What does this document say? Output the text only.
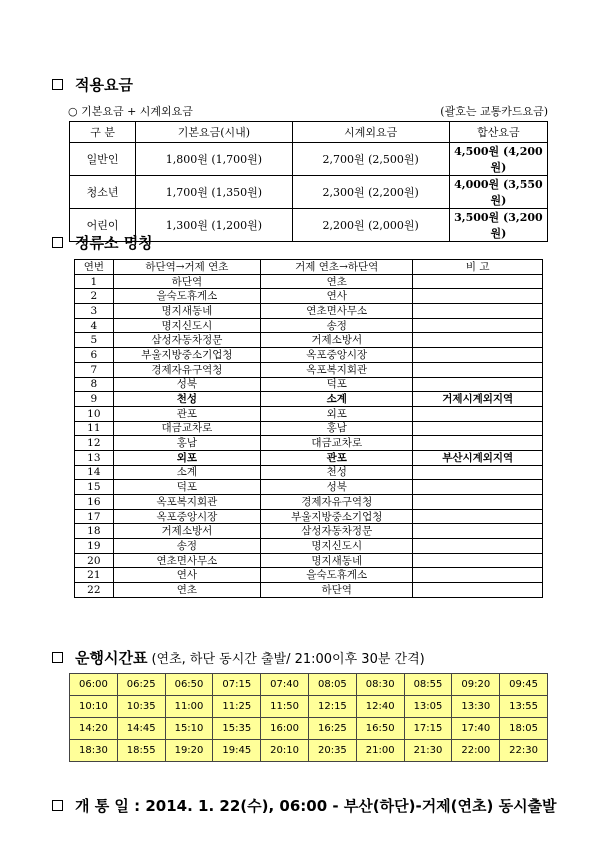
적용요금
○ 기본요금 + 시계외요금	(괄호는 교통카드요금)
구 분	기본요금(시내)	시계외요금	합산요금
일반인	1,800원 (1,700원)	2,700원 (2,500원)	4,500원 (4,200원)
청소년	1,700원 (1,350원)	2,300원 (2,200원)	4,000원 (3,550원)
어린이	1,300원 (1,200원)	2,200원 (2,000원)	3,500원 (3,200원)
정류소 명칭
연번	하단역→거제 연초	거제 연초→하단역	비 고
1	하단역	연초	
2	을숙도휴게소	연사	
3	명지새동네	연초면사무소	
4	명지신도시	송정	
5	삼성자동차정문	거제소방서	
6	부울지방중소기업청	옥포중앙시장	
7	경제자유구역청	옥포복지회관	
8	성북	덕포	
9	천성	소계	거제시계외지역
10	관포	외포	
11	대금교차로	홍남	
12	홍남	대금교차로	
13	외포	관포	부산시계외지역
14	소계	천성	
15	덕포	성북	
16	옥포복지회관	경제자유구역청	
17	옥포중앙시장	부울지방중소기업청	
18	거제소방서	삼성자동차정문	
19	송정	명지신도시	
20	연초면사무소	명지새동네	
21	연사	을숙도휴게소	
22	연초	하단역	
운행시간표 (연초, 하단 동시간 출발/ 21:00이후 30분 간격)
06:00	06:25	06:50	07:15	07:40	08:05	08:30	08:55	09:20	09:45
10:10	10:35	11:00	11:25	11:50	12:15	12:40	13:05	13:30	13:55
14:20	14:45	15:10	15:35	16:00	16:25	16:50	17:15	17:40	18:05
18:30	18:55	19:20	19:45	20:10	20:35	21:00	21:30	22:00	22:30
개 통 일 : 2014. 1. 22(수), 06:00 - 부산(하단)-거제(연초) 동시출발
